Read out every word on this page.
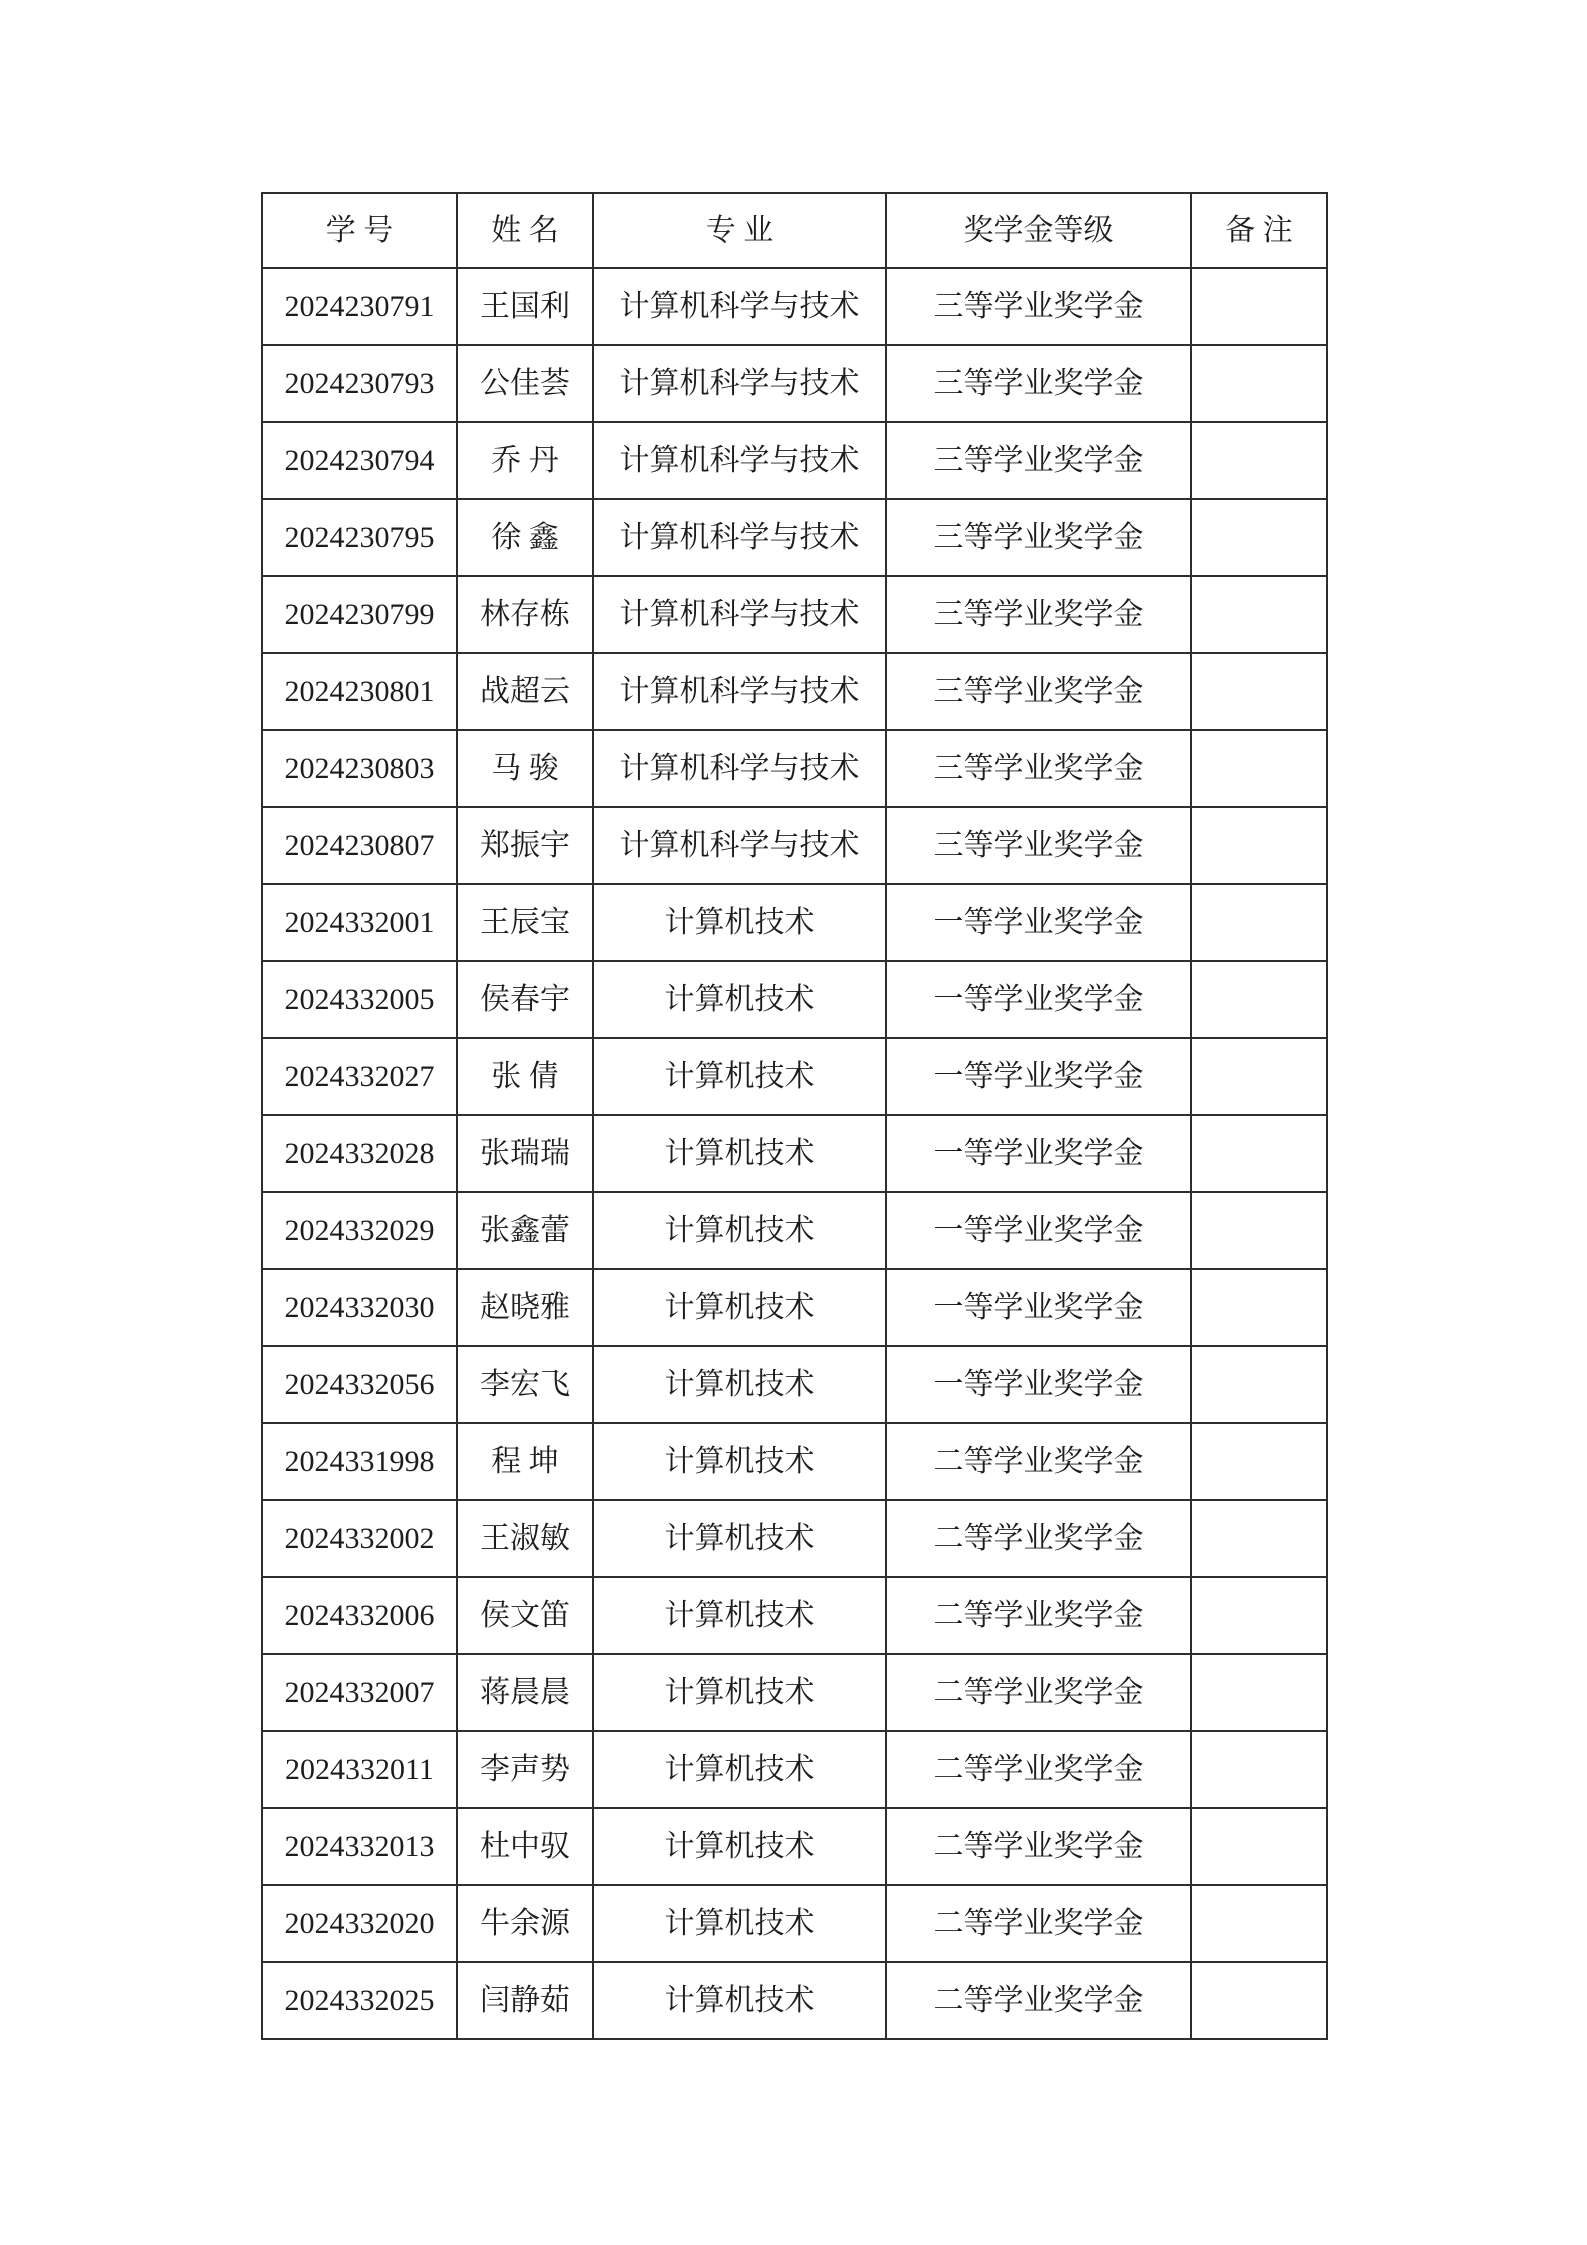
学 号	姓 名	专 业	奖学金等级	备 注
2024230791	王国利	计算机科学与技术	三等学业奖学金	
2024230793	公佳荟	计算机科学与技术	三等学业奖学金	
2024230794	乔 丹	计算机科学与技术	三等学业奖学金	
2024230795	徐 鑫	计算机科学与技术	三等学业奖学金	
2024230799	林存栋	计算机科学与技术	三等学业奖学金	
2024230801	战超云	计算机科学与技术	三等学业奖学金	
2024230803	马 骏	计算机科学与技术	三等学业奖学金	
2024230807	郑振宇	计算机科学与技术	三等学业奖学金	
2024332001	王辰宝	计算机技术	一等学业奖学金	
2024332005	侯春宇	计算机技术	一等学业奖学金	
2024332027	张 倩	计算机技术	一等学业奖学金	
2024332028	张瑞瑞	计算机技术	一等学业奖学金	
2024332029	张鑫蕾	计算机技术	一等学业奖学金	
2024332030	赵晓雅	计算机技术	一等学业奖学金	
2024332056	李宏飞	计算机技术	一等学业奖学金	
2024331998	程 坤	计算机技术	二等学业奖学金	
2024332002	王淑敏	计算机技术	二等学业奖学金	
2024332006	侯文笛	计算机技术	二等学业奖学金	
2024332007	蒋晨晨	计算机技术	二等学业奖学金	
2024332011	李声势	计算机技术	二等学业奖学金	
2024332013	杜中驭	计算机技术	二等学业奖学金	
2024332020	牛余源	计算机技术	二等学业奖学金	
2024332025	闫静茹	计算机技术	二等学业奖学金	
